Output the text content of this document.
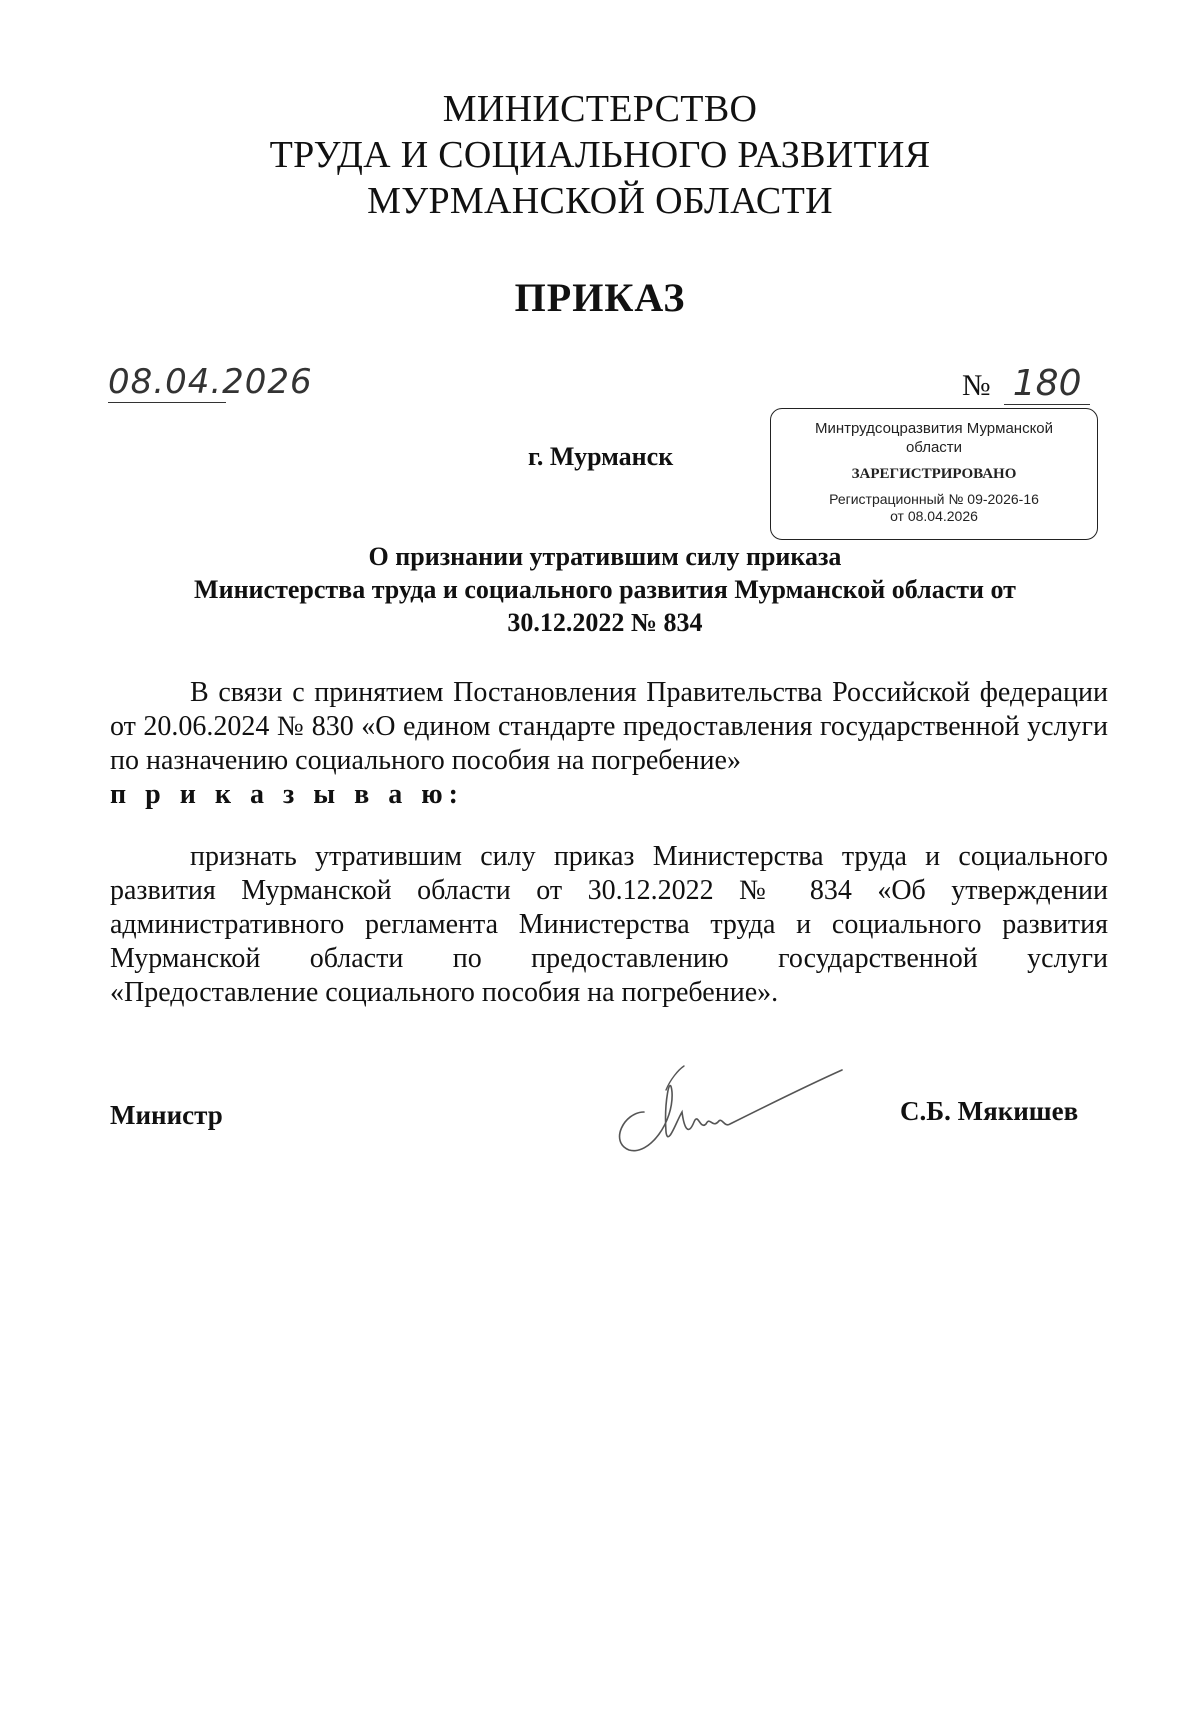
МИНИСТЕРСТВО
ТРУДА И СОЦИАЛЬНОГО РАЗВИТИЯ
МУРМАНСКОЙ ОБЛАСТИ
ПРИКАЗ
08.04.2026	№ 180
г. Мурманск
Минтрудсоцразвития Мурманской области
ЗАРЕГИСТРИРОВАНО
Регистрационный № 09-2026-16
от 08.04.2026
О признании утратившим силу приказа
Министерства труда и социального развития Мурманской области от
30.12.2022 № 834
В связи с принятием Постановления Правительства Российской федерации от 20.06.2024 № 830 «О едином стандарте предоставления государственной услуги по назначению социального пособия на погребение»
п р и к а з ы в а ю:
признать утратившим силу приказ Министерства труда и социального развития Мурманской области от 30.12.2022 № 834 «Об утверждении административного регламента Министерства труда и социального развития Мурманской области по предоставлению государственной услуги «Предоставление социального пособия на погребение».
Министр	С.Б. Мякишев
